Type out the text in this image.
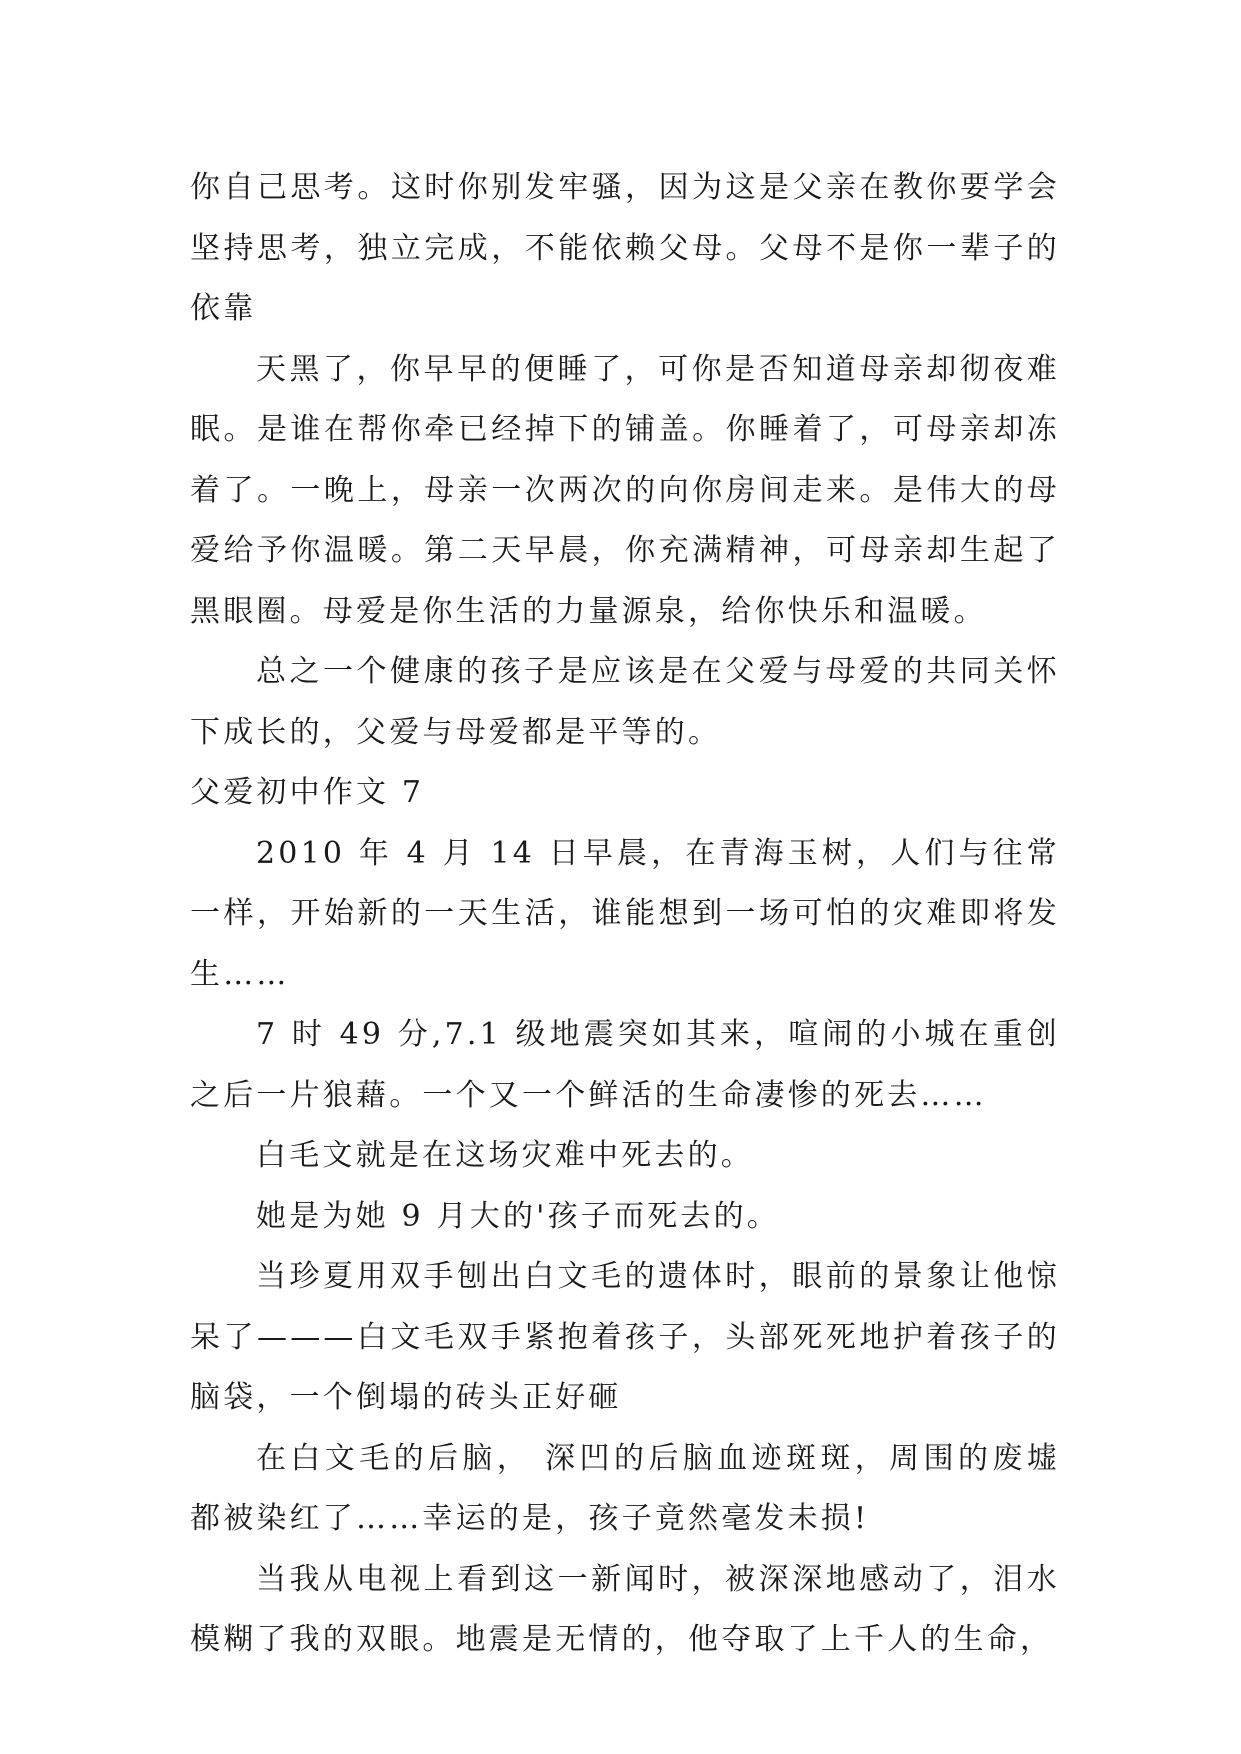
你自己思考。这时你别发牢骚，因为这是父亲在教你要学会坚持思考，独立完成，不能依赖父母。父母不是你一辈子的依靠

天黑了，你早早的便睡了，可你是否知道母亲却彻夜难眠。是谁在帮你牵已经掉下的铺盖。你睡着了，可母亲却冻着了。一晚上，母亲一次两次的向你房间走来。是伟大的母爱给予你温暖。第二天早晨，你充满精神，可母亲却生起了黑眼圈。母爱是你生活的力量源泉，给你快乐和温暖。

总之一个健康的孩子是应该是在父爱与母爱的共同关怀下成长的，父爱与母爱都是平等的。

父爱初中作文 7

2010 年 4 月 14 日早晨，在青海玉树，人们与往常一样，开始新的一天生活，谁能想到一场可怕的灾难即将发生……

7 时 49 分,7.1 级地震突如其来，喧闹的小城在重创之后一片狼藉。一个又一个鲜活的生命凄惨的死去……

白毛文就是在这场灾难中死去的。

她是为她 9 月大的'孩子而死去的。

当珍夏用双手刨出白文毛的遗体时，眼前的景象让他惊呆了———白文毛双手紧抱着孩子，头部死死地护着孩子的脑袋，一个倒塌的砖头正好砸

在白文毛的后脑， 深凹的后脑血迹斑斑，周围的废墟都被染红了……幸运的是，孩子竟然毫发未损!

当我从电视上看到这一新闻时，被深深地感动了，泪水模糊了我的双眼。地震是无情的，他夺取了上千人的生命，
